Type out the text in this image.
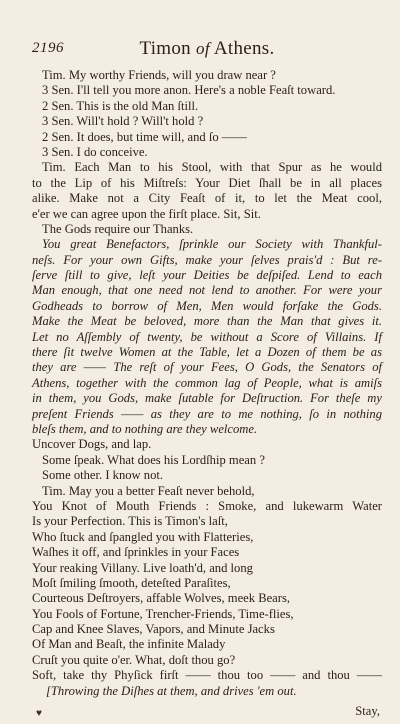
2196	Timon of Athens.
Tim. My worthy Friends, will you draw near ?
3 Sen. I'll tell you more anon. Here's a noble Feaſt toward.
2 Sen. This is the old Man ſtill.
3 Sen. Will't hold ? Will't hold ?
2 Sen. It does, but time will, and ſo ——
3 Sen. I do conceive.
Tim. Each Man to his Stool, with that Spur as he would
to the Lip of his Miſtreſs: Your Diet ſhall be in all places
alike. Make not a City Feaſt of it, to let the Meat cool,
e'er we can agree upon the firſt place. Sit, Sit.
The Gods require our Thanks.
You great Benefactors, ſprinkle our Society with Thankful-
neſs. For your own Gifts, make your ſelves prais'd : But re-
ſerve ſtill to give, leſt your Deities be deſpiſed. Lend to each
Man enough, that one need not lend to another. For were your
Godheads to borrow of Men, Men would forſake the Gods.
Make the Meat be beloved, more than the Man that gives it.
Let no Aſſembly of twenty, be without a Score of Villains. If
there ſit twelve Women at the Table, let a Dozen of them be as
they are —— The reſt of your Fees, O Gods, the Senators of
Athens, together with the common lag of People, what is amiſs
in them, you Gods, make ſutable for Deſtruction. For theſe my
preſent Friends —— as they are to me nothing, ſo in nothing
bleſs them, and to nothing are they welcome.
Uncover Dogs, and lap.
Some ſpeak. What does his Lordſhip mean ?
Some other. I know not.
Tim. May you a better Feaſt never behold,
You Knot of Mouth Friends : Smoke, and lukewarm Water
Is your Perfection. This is Timon's laſt,
Who ſtuck and ſpangled you with Flatteries,
Waſhes it off, and ſprinkles in your Faces
Your reaking Villany. Live loath'd, and long
Moſt ſmiling ſmooth, deteſted Paraſites,
Courteous Deſtroyers, affable Wolves, meek Bears,
You Fools of Fortune, Trencher-Friends, Time-flies,
Cap and Knee Slaves, Vapors, and Minute Jacks
Of Man and Beaſt, the infinite Malady
Cruſt you quite o'er. What, doſt thou go?
Soft, take thy Phyſick firſt —— thou too —— and thou ——
[Throwing the Diſhes at them, and drives 'em out.
♥	Stay,
